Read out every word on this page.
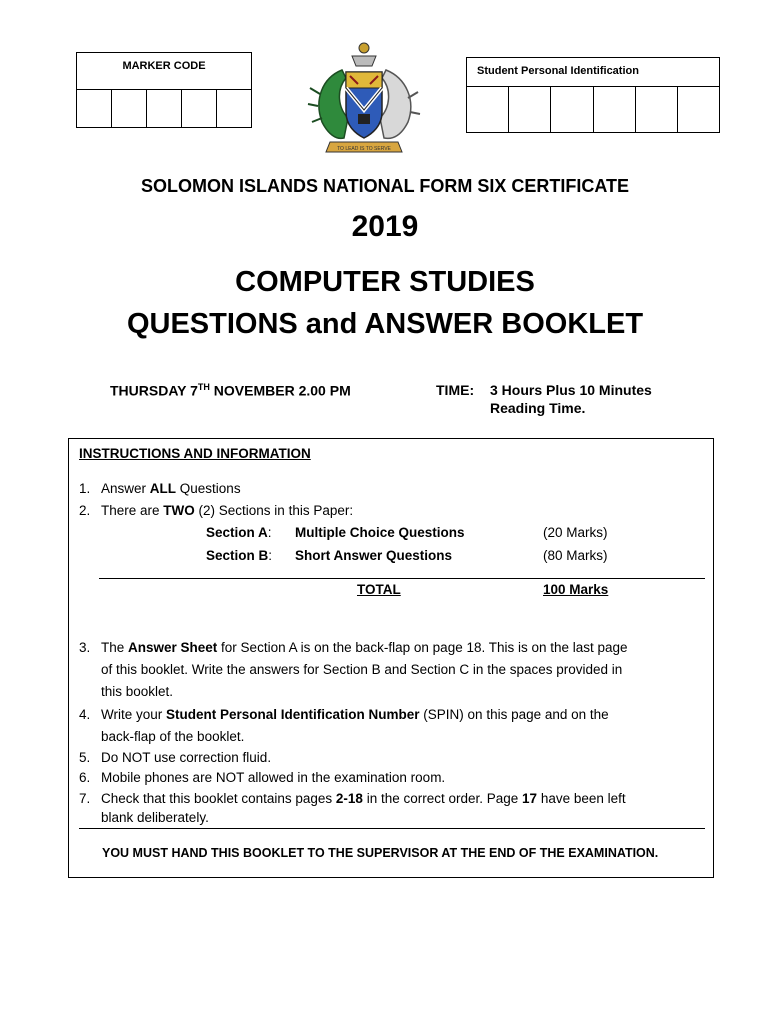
MARKER CODE
TO LEAD IS TO SERVE
Student Personal Identification
SOLOMON ISLANDS NATIONAL FORM SIX CERTIFICATE
2019
COMPUTER STUDIES
QUESTIONS and ANSWER BOOKLET
THURSDAY 7TH NOVEMBER 2.00 PM	TIME: 3 Hours Plus 10 Minutes
Reading Time.
INSTRUCTIONS AND INFORMATION
1. Answer ALL Questions
2. There are TWO (2) Sections in this Paper:
Section A: Multiple Choice Questions	(20 Marks)
Section B: Short Answer Questions	(80 Marks)
TOTAL	100 Marks
3. The Answer Sheet for Section A is on the back-flap on page 18. This is on the last page
of this booklet. Write the answers for Section B and Section C in the spaces provided in
this booklet.
4. Write your Student Personal Identification Number (SPIN) on this page and on the
back-flap of the booklet.
5. Do NOT use correction fluid.
6. Mobile phones are NOT allowed in the examination room.
7. Check that this booklet contains pages 2-18 in the correct order. Page 17 have been left
blank deliberately.
YOU MUST HAND THIS BOOKLET TO THE SUPERVISOR AT THE END OF THE EXAMINATION.
